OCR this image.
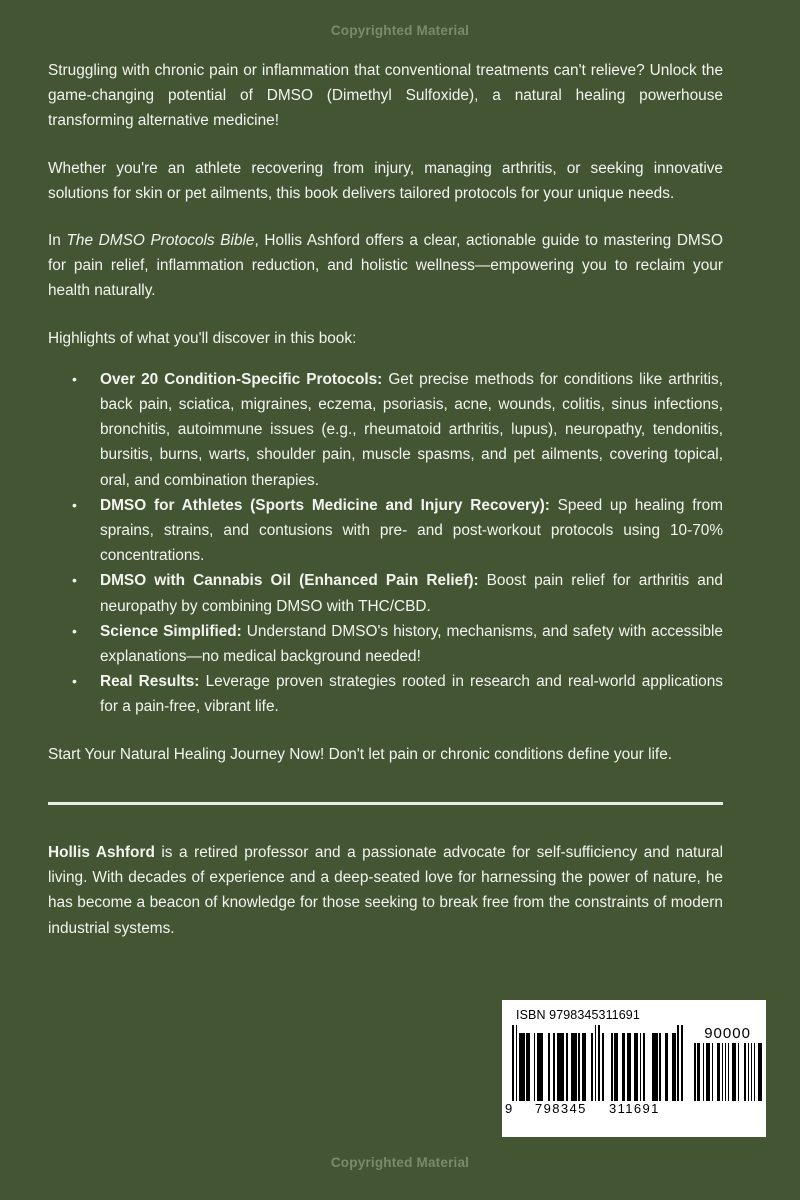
Copyrighted Material

Struggling with chronic pain or inflammation that conventional treatments can't relieve? Unlock the game-changing potential of DMSO (Dimethyl Sulfoxide), a natural healing powerhouse transforming alternative medicine!

Whether you're an athlete recovering from injury, managing arthritis, or seeking innovative solutions for skin or pet ailments, this book delivers tailored protocols for your unique needs.

In The DMSO Protocols Bible, Hollis Ashford offers a clear, actionable guide to mastering DMSO for pain relief, inflammation reduction, and holistic wellness—empowering you to reclaim your health naturally.

Highlights of what you'll discover in this book:
• Over 20 Condition-Specific Protocols: Get precise methods for conditions like arthritis, back pain, sciatica, migraines, eczema, psoriasis, acne, wounds, colitis, sinus infections, bronchitis, autoimmune issues (e.g., rheumatoid arthritis, lupus), neuropathy, tendonitis, bursitis, burns, warts, shoulder pain, muscle spasms, and pet ailments, covering topical, oral, and combination therapies.
• DMSO for Athletes (Sports Medicine and Injury Recovery): Speed up healing from sprains, strains, and contusions with pre- and post-workout protocols using 10-70% concentrations.
• DMSO with Cannabis Oil (Enhanced Pain Relief): Boost pain relief for arthritis and neuropathy by combining DMSO with THC/CBD.
• Science Simplified: Understand DMSO's history, mechanisms, and safety with accessible explanations—no medical background needed!
• Real Results: Leverage proven strategies rooted in research and real-world applications for a pain-free, vibrant life.

Start Your Natural Healing Journey Now! Don't let pain or chronic conditions define your life.

Hollis Ashford is a retired professor and a passionate advocate for self-sufficiency and natural living. With decades of experience and a deep-seated love for harnessing the power of nature, he has become a beacon of knowledge for those seeking to break free from the constraints of modern industrial systems.

ISBN 9798345311691
9 798345 311691
90000
Copyrighted Material
